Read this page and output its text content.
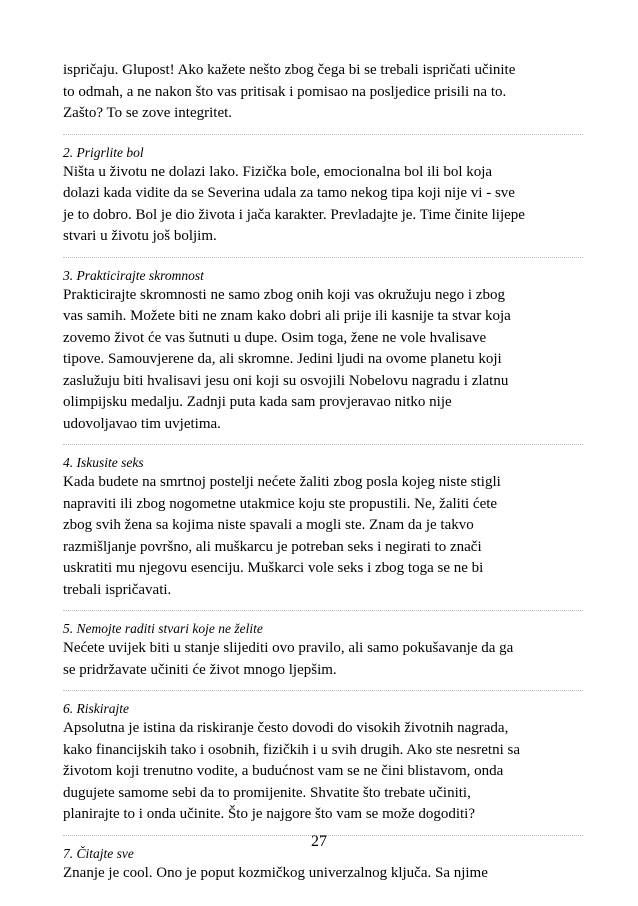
ispričaju. Glupost! Ako kažete nešto zbog čega bi se trebali ispričati učinite
to odmah, a ne nakon što vas pritisak i pomisao na posljedice prisili na to.
Zašto? To se zove integritet.

2. Prigrlite bol

Ništa u životu ne dolazi lako. Fizička bole, emocionalna bol ili bol koja
dolazi kada vidite da se Severina udala za tamo nekog tipa koji nije vi - sve
je to dobro. Bol je dio života i jača karakter. Prevladajte je. Time činite lijepe
stvari u životu još boljim.

3. Prakticirajte skromnost

Prakticirajte skromnosti ne samo zbog onih koji vas okružuju nego i zbog
vas samih. Možete biti ne znam kako dobri ali prije ili kasnije ta stvar koja
zovemo život će vas šutnuti u dupe. Osim toga, žene ne vole hvalisave
tipove. Samouvjerene da, ali skromne. Jedini ljudi na ovome planetu koji
zaslužuju biti hvalisavi jesu oni koji su osvojili Nobelovu nagradu i zlatnu
olimpijsku medalju. Zadnji puta kada sam provjeravao nitko nije
udovoljavao tim uvjetima.

4. Iskusite seks

Kada budete na smrtnoj postelji nećete žaliti zbog posla kojeg niste stigli
napraviti ili zbog nogometne utakmice koju ste propustili. Ne, žaliti ćete
zbog svih žena sa kojima niste spavali a mogli ste. Znam da je takvo
razmišljanje površno, ali muškarcu je potreban seks i negirati to znači
uskratiti mu njegovu esenciju. Muškarci vole seks i zbog toga se ne bi
trebali ispričavati.

5. Nemojte raditi stvari koje ne želite

Nećete uvijek biti u stanje slijediti ovo pravilo, ali samo pokušavanje da ga
se pridržavate učiniti će život mnogo ljepšim.

6. Riskirajte

Apsolutna je istina da riskiranje često dovodi do visokih životnih nagrada,
kako financijskih tako i osobnih, fizičkih i u svih drugih. Ako ste nesretni sa
životom koji trenutno vodite, a budućnost vam se ne čini blistavom, onda
dugujete samome sebi da to promijenite. Shvatite što trebate učiniti,
planirajte to i onda učinite. Što je najgore što vam se može dogoditi?

7. Čitajte sve

Znanje je cool. Ono je poput kozmičkog univerzalnog ključa. Sa njime

27
